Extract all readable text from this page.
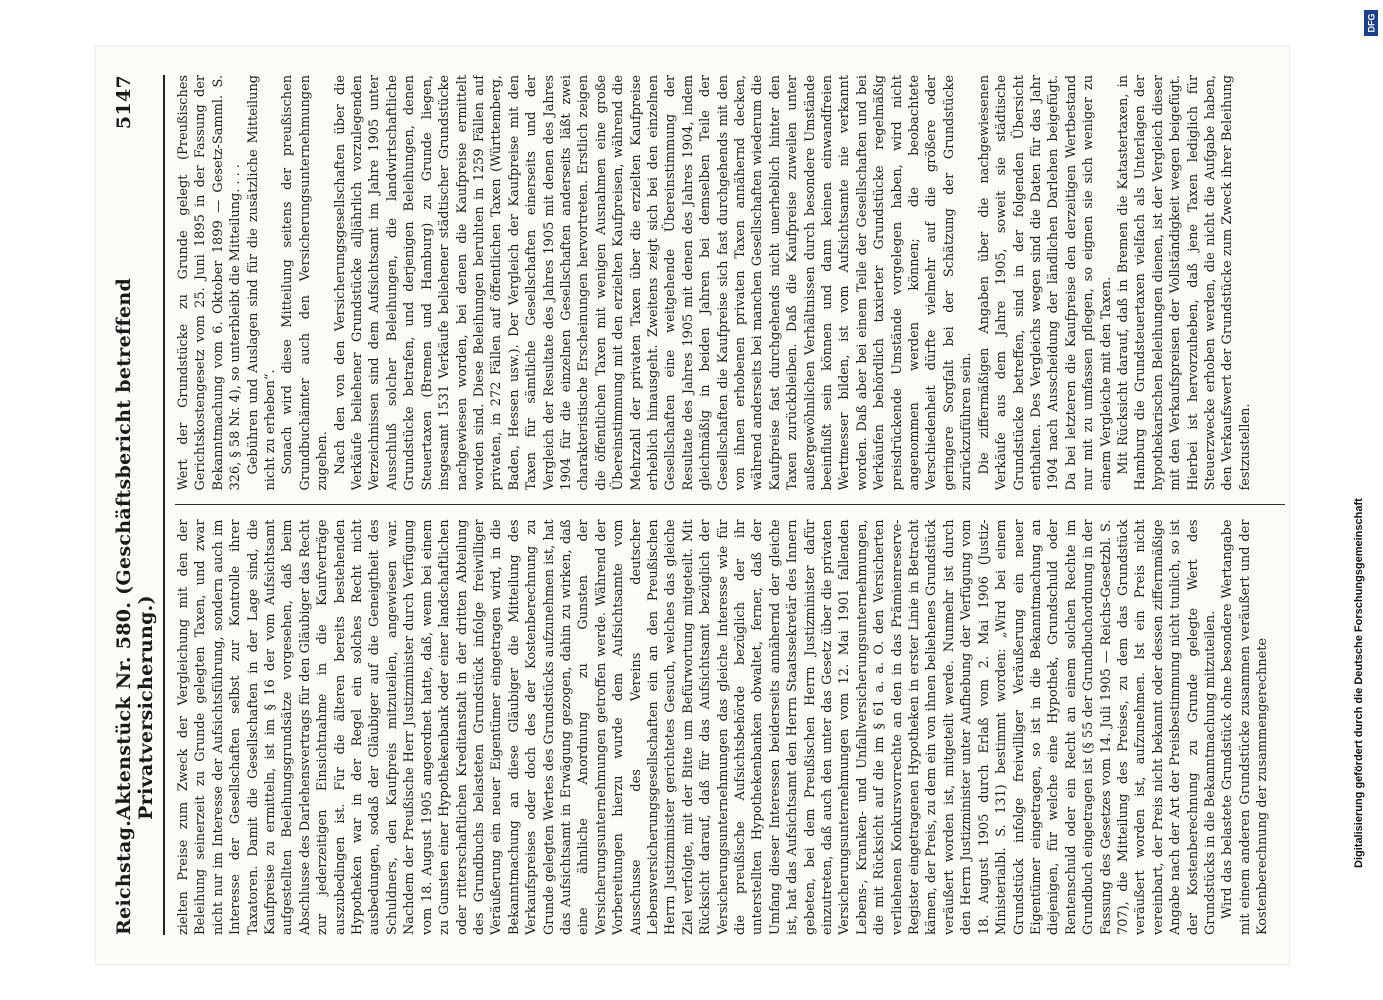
Reichstag.
Aktenstück Nr. 580. (Geschäftsbericht betreffend Privatversicherung.)
5147

zielten Preise zum Zweck der Vergleichung mit den der Beleihung seinerzeit zu Grunde gelegten Taxen, und zwar nicht nur im Interesse der Aufsichtsführung, sondern auch im Interesse der Gesellschaften selbst zur Kontrolle ihrer Taxatoren. Damit die Gesellschaften in der Lage sind, die Kaufpreise zu ermitteln, ist im § 16 der vom Aufsichtsamt aufgestellten Beleihungsgrundsätze vorgesehen, daß beim Abschlusse des Darlehensvertrags für den Gläubiger das Recht zur jederzeitigen Einsichtnahme in die Kaufverträge auszubedingen ist. Für die älteren bereits bestehenden Hypotheken war in der Regel ein solches Recht nicht ausbedungen, sodaß der Gläubiger auf die Geneigtheit des Schuldners, den Kaufpreis mitzuteilen, angewiesen war. Nachdem der Preußische Herr Justizminister durch Verfügung vom 18. August 1905 angeordnet hatte, daß, wenn bei einem zu Gunsten einer Hypothekenbank oder einer landschaftlichen oder ritterschaftlichen Kreditanstalt in der dritten Abteilung des Grundbuchs belasteten Grundstück infolge freiwilliger Veräußerung ein neuer Eigentümer eingetragen wird, in die Bekanntmachung an diese Gläubiger die Mitteilung des Verkaufspreises oder doch des der Kostenberechnung zu Grunde gelegten Wertes des Grundstücks aufzunehmen ist, hat das Aufsichtsamt in Erwägung gezogen, dahin zu wirken, daß eine ähnliche Anordnung zu Gunsten der Versicherungsunternehmungen getroffen werde. Während der Vorbereitungen hierzu wurde dem Aufsichtsamte vom Ausschusse des Vereins deutscher Lebensversicherungsgesellschaften ein an den Preußischen Herrn Justizminister gerichtetes Gesuch, welches das gleiche Ziel verfolgte, mit der Bitte um Befürwortung mitgeteilt. Mit Rücksicht darauf, daß für das Aufsichtsamt bezüglich der Versicherungsunternehmungen das gleiche Interesse wie für die preußische Aufsichtsbehörde bezüglich der ihr unterstellten Hypothekenbanken obwaltet, ferner, daß der Umfang dieser Interessen beiderseits annähernd der gleiche ist, hat das Aufsichtsamt den Herrn Staatssekretär des Innern gebeten, bei dem Preußischen Herrn Justizminister dafür einzutreten, daß auch den unter das Gesetz über die privaten Versicherungsunternehmungen vom 12. Mai 1901 fallenden Lebens-, Kranken- und Unfallversicherungsunternehmungen, die mit Rücksicht auf die im § 61 a. a. O. den Versicherten verliehenen Konkursvorrechte an den in das Prämienreserve-Register eingetragenen Hypotheken in erster Linie in Betracht kämen, der Preis, zu dem ein von ihnen beliehenes Grundstück veräußert worden ist, mitgeteilt werde. Nunmehr ist durch den Herrn Justizminister unter Aufhebung der Verfügung vom 18. August 1905 durch Erlaß vom 2. Mai 1906 (Justiz-Ministerialbl. S. 131) bestimmt worden: „Wird bei einem Grundstück infolge freiwilliger Veräußerung ein neuer Eigentümer eingetragen, so ist in die Bekanntmachung an diejenigen, für welche eine Hypothek, Grundschuld oder Rentenschuld oder ein Recht an einem solchen Rechte im Grundbuch eingetragen ist (§ 55 der Grundbuchordnung in der Fassung des Gesetzes vom 14. Juli 1905 — Reichs-Gesetzbl. S. 707), die Mitteilung des Preises, zu dem das Grundstück veräußert worden ist, aufzunehmen. Ist ein Preis nicht vereinbart, der Preis nicht bekannt oder dessen ziffernmäßige Angabe nach der Art der Preisbestimmung nicht tunlich, so ist der Kostenberechnung zu Grunde gelegte Wert des Grundstücks in die Bekanntmachung mitzuteilen. Wird das belastete Grundstück ohne besondere Wertangabe mit einem anderen Grundstücke zusammen veräußert und der Kostenberechnung der zusammengerechnete

Wert der Grundstücke zu Grunde gelegt (Preußisches Gerichtskostengesetz vom 25. Juni 1895 in der Fassung der Bekanntmachung vom 6. Oktober 1899 — Gesetz-Samml. S. 326, § 58 Nr. 4), so unterbleibt die Mitteilung. . . . Gebühren und Auslagen sind für die zusätzliche Mitteilung nicht zu erheben“. Sonach wird diese Mitteilung seitens der preußischen Grundbuchämter auch den Versicherungsunternehmungen zugehen. Nach den von den Versicherungsgesellschaften über die Verkäufe beliehener Grundstücke alljährlich vorzulegenden Verzeichnissen sind dem Aufsichtsamt im Jahre 1905 unter Ausschluß solcher Beleihungen, die landwirtschaftliche Grundstücke betrafen, und derjenigen Beleihungen, denen Steuertaxen (Bremen und Hamburg) zu Grunde liegen, insgesamt 1531 Verkäufe beliehener städtischer Grundstücke nachgewiesen worden, bei denen die Kaufpreise ermittelt worden sind. Diese Beleihungen beruhten in 1259 Fällen auf privaten, in 272 Fällen auf öffentlichen Taxen (Württemberg, Baden, Hessen usw.). Der Vergleich der Kaufpreise mit den Taxen für sämtliche Gesellschaften einerseits und der Vergleich der Resultate des Jahres 1905 mit denen des Jahres 1904 für die einzelnen Gesellschaften anderseits läßt zwei charakteristische Erscheinungen hervortreten. Erstlich zeigen die öffentlichen Taxen mit wenigen Ausnahmen eine große Übereinstimmung mit den erzielten Kaufpreisen, während die Mehrzahl der privaten Taxen über die erzielten Kaufpreise erheblich hinausgeht. Zweitens zeigt sich bei den einzelnen Gesellschaften eine weitgehende Übereinstimmung der Resultate des Jahres 1905 mit denen des Jahres 1904, indem gleichmäßig in beiden Jahren bei demselben Teile der Gesellschaften die Kaufpreise sich fast durchgehends mit den von ihnen erhobenen privaten Taxen annähernd decken, während anderseits bei manchen Gesellschaften wiederum die Kaufpreise fast durchgehends nicht unerheblich hinter den Taxen zurückbleiben. Daß die Kaufpreise zuweilen unter außergewöhnlichen Verhältnissen durch besondere Umstände beeinflußt sein können und dann keinen einwandfreien Wertmesser bilden, ist vom Aufsichtsamte nie verkannt worden. Daß aber bei einem Teile der Gesellschaften und bei Verkäufen behördlich taxierter Grundstücke regelmäßig preisdrückende Umstände vorgelegen haben, wird nicht angenommen werden können; die beobachtete Verschiedenheit dürfte vielmehr auf die größere oder geringere Sorgfalt bei der Schätzung der Grundstücke zurückzuführen sein. Die ziffermäßigen Angaben über die nachgewiesenen Verkäufe aus dem Jahre 1905, soweit sie städtische Grundstücke betreffen, sind in der folgenden Übersicht enthalten. Des Vergleichs wegen sind die Daten für das Jahr 1904 nach Ausscheidung der ländlichen Darlehen beigefügt. Da bei letzteren die Kaufpreise den derzeitigen Wertbestand nur mit zu umfassen pflegen, so eignen sie sich weniger zu einem Vergleiche mit den Taxen. Mit Rücksicht darauf, daß in Bremen die Katastertaxen, in Hamburg die Grundsteuertaxen vielfach als Unterlagen der hypothekarischen Beleihungen dienen, ist der Vergleich dieser mit den Verkaufspreisen der Vollständigkeit wegen beigefügt. Hierbei ist hervorzuheben, daß jene Taxen lediglich für Steuerzwecke erhoben werden, die nicht die Aufgabe haben, den Verkaufswert der Grundstücke zum Zweck ihrer Beleihung festzustellen.

Digitalisierung gefördert durch die Deutsche Forschungsgemeinschaft
DFG
